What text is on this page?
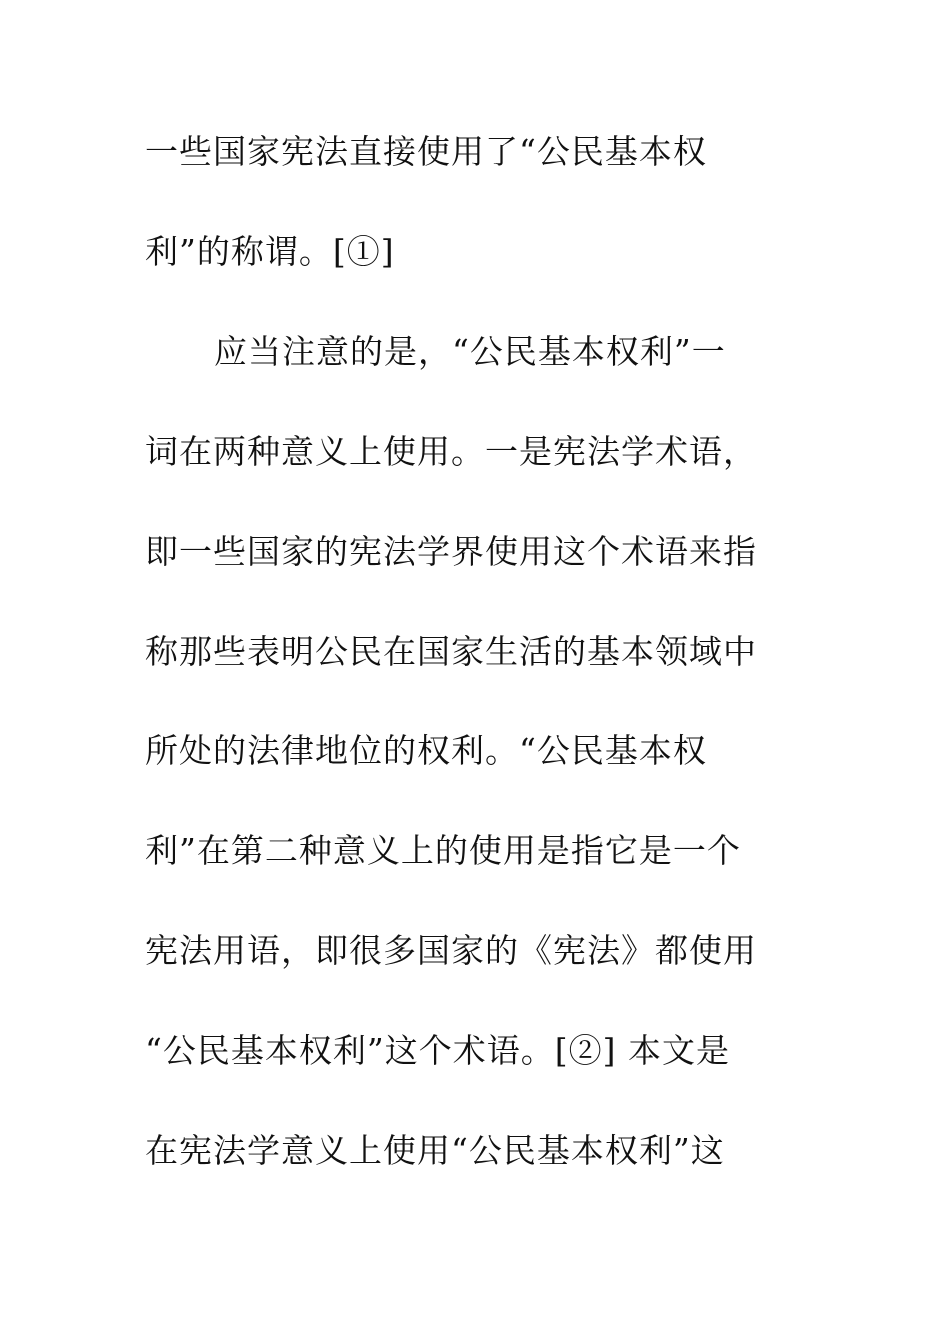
一些国家宪法直接使用了“公民基本权
利”的称谓。[①]
应当注意的是，“公民基本权利”一
词在两种意义上使用。一是宪法学术语，
即一些国家的宪法学界使用这个术语来指
称那些表明公民在国家生活的基本领域中
所处的法律地位的权利。“公民基本权
利”在第二种意义上的使用是指它是一个
宪法用语，即很多国家的《宪法》都使用
“公民基本权利”这个术语。[②] 本文是
在宪法学意义上使用“公民基本权利”这
